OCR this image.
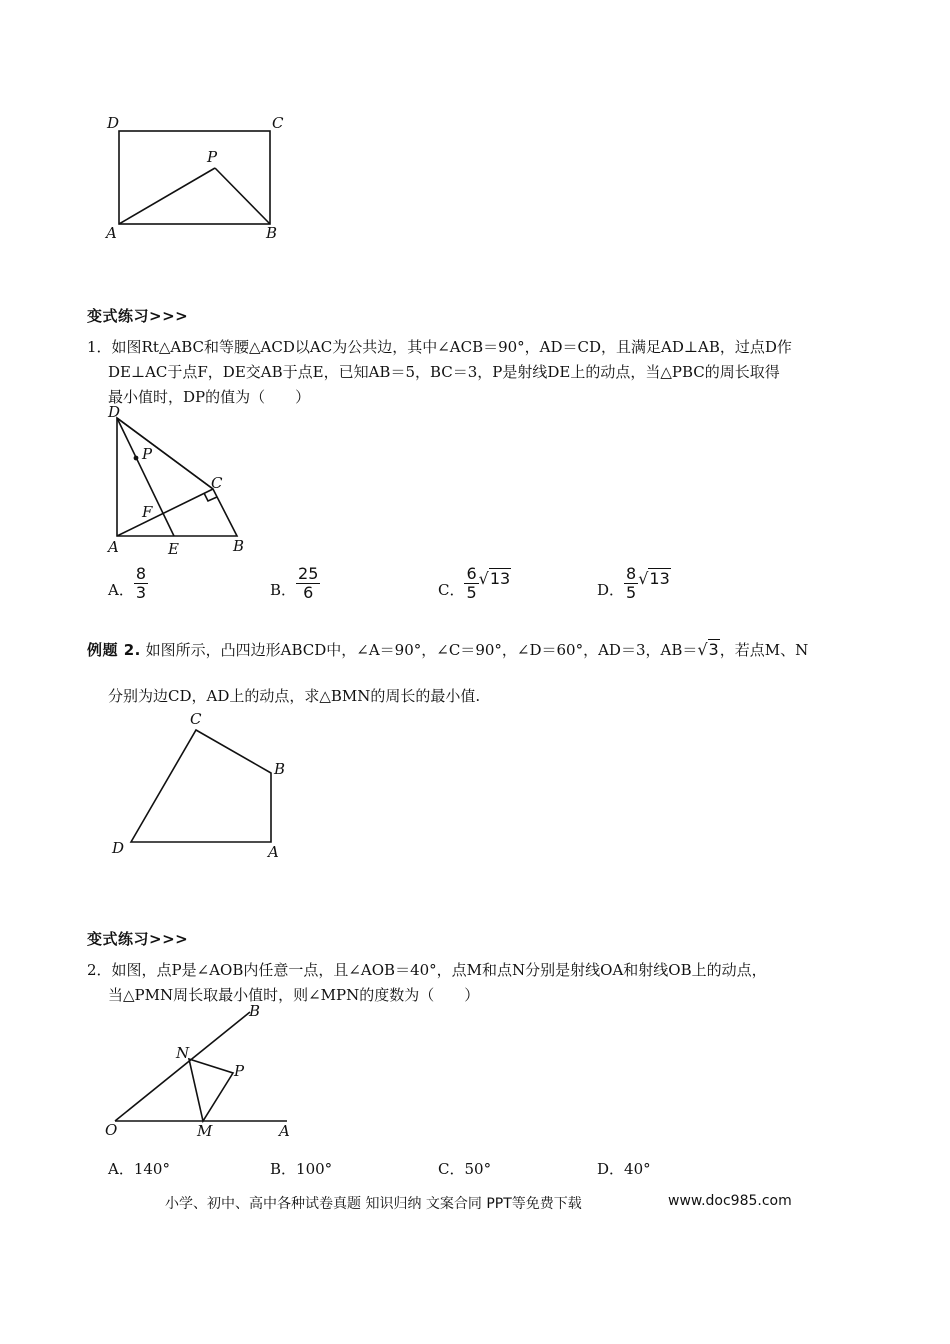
D	C
P
A	B
变式练习>>>
1．如图Rt△ABC和等腰△ACD以AC为公共边，其中∠ACB＝90°，AD＝CD，且满足AD⊥AB，过点D作
DE⊥AC于点F，DE交AB于点E，已知AB＝5，BC＝3，P是射线DE上的动点，当△PBC的周长取得
最小值时，DP的值为（　　）
D
P
C
F
A	E	B
A． $\frac{8}{3}$	B． $\frac{25}{6}$	C． $\frac{6}{5} √13$
D． $\frac{8}{5} √13$
例题 2. 如图所示，凸四边形ABCD中，∠A＝90°，∠C＝90°，∠D＝60°，AD＝3，AB＝√3，若点M、N
分别为边CD，AD上的动点，求△BMN的周长的最小值.
C
B
D	A
变式练习>>>
2．如图，点P是∠AOB内任意一点，且∠AOB＝40°，点M和点N分别是射线OA和射线OB上的动点，
当△PMN周长取最小值时，则∠MPN的度数为（　　）
B
N
P
O	M	A
A．140°	B．100°	C．50°	D．40°
小学、初中、高中各种试卷真题 知识归纳 文案合同 PPT等免费下载	www.doc985.com
